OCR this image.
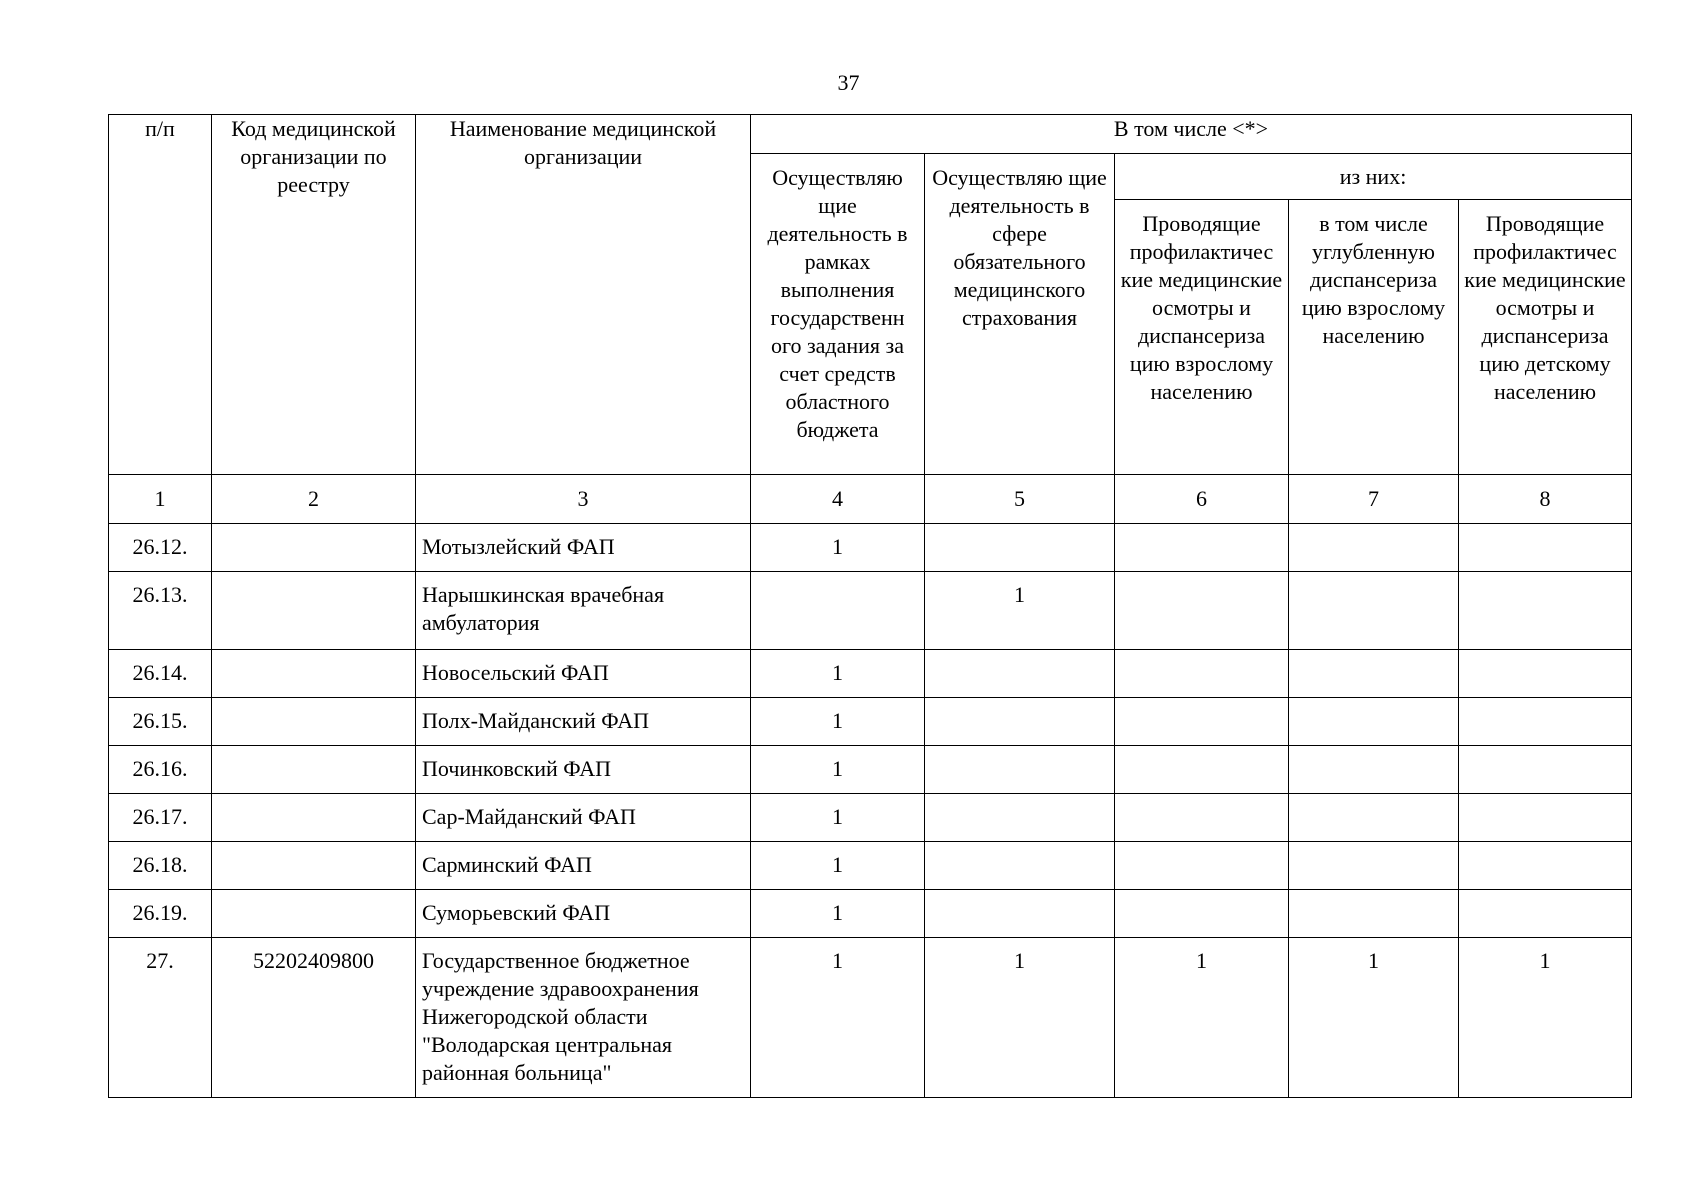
37
п/п	Код медицинской организации по реестру	Наименование медицинской организации	В том числе <*>				
			Осуществляю щие деятельность в рамках выполнения государственн ого задания за счет средств областного бюджета	Осуществляю щие деятельность в сфере обязательного медицинского страхования	из них:		
					Проводящие профилактичес кие медицинские осмотры и диспансериза цию взрослому населению	в том числе углубленную диспансериза цию взрослому населению	Проводящие профилактичес кие медицинские осмотры и диспансериза цию детскому населению
1	2	3	4	5	6	7	8
26.12.		Мотызлейский ФАП	1				
26.13.		Нарышкинская врачебная амбулатория		1			
26.14.		Новосельский ФАП	1				
26.15.		Полх-Майданский ФАП	1				
26.16.		Починковский ФАП	1				
26.17.		Сар-Майданский ФАП	1				
26.18.		Сарминский ФАП	1				
26.19.		Суморьевский ФАП	1				
27.	52202409800	Государственное бюджетное учреждение здравоохранения Нижегородской области "Володарская центральная районная больница"	1	1	1	1	1
